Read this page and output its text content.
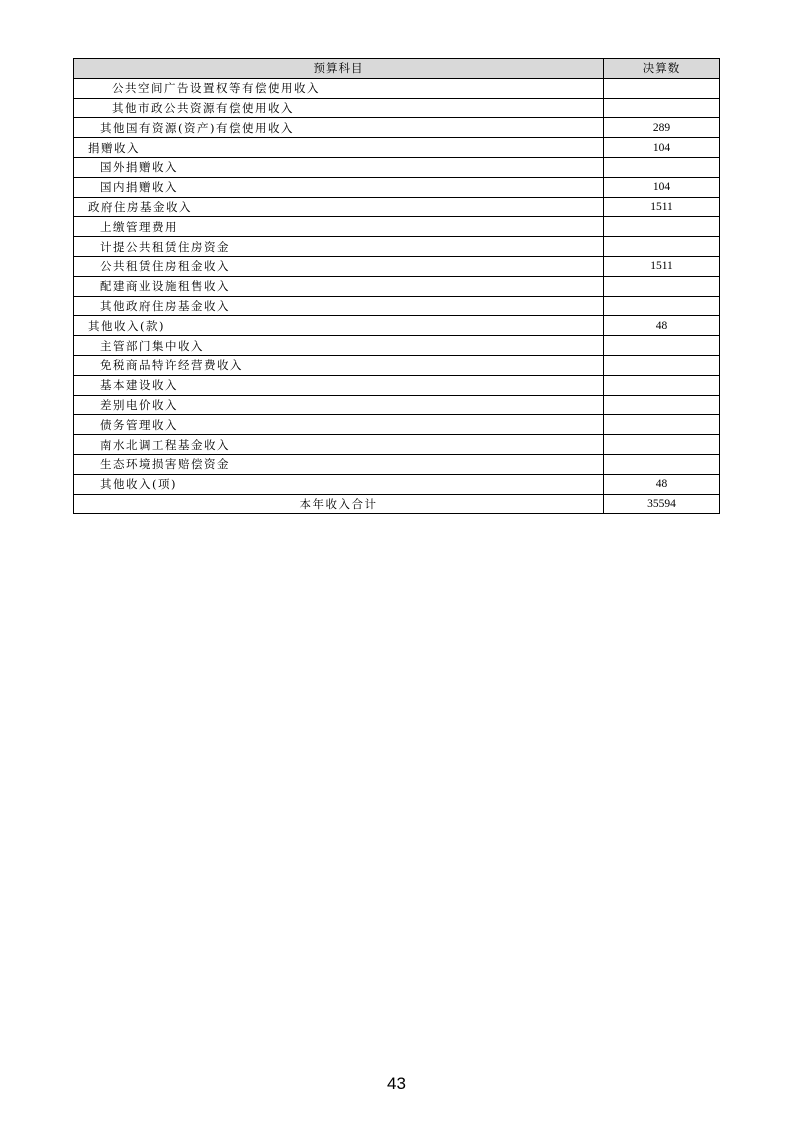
预算科目	决算数
公共空间广告设置权等有偿使用收入	
其他市政公共资源有偿使用收入	
其他国有资源(资产)有偿使用收入	289
捐赠收入	104
国外捐赠收入	
国内捐赠收入	104
政府住房基金收入	1511
上缴管理费用	
计提公共租赁住房资金	
公共租赁住房租金收入	1511
配建商业设施租售收入	
其他政府住房基金收入	
其他收入(款)	48
主管部门集中收入	
免税商品特许经营费收入	
基本建设收入	
差别电价收入	
债务管理收入	
南水北调工程基金收入	
生态环境损害赔偿资金	
其他收入(项)	48
本年收入合计	35594
43
